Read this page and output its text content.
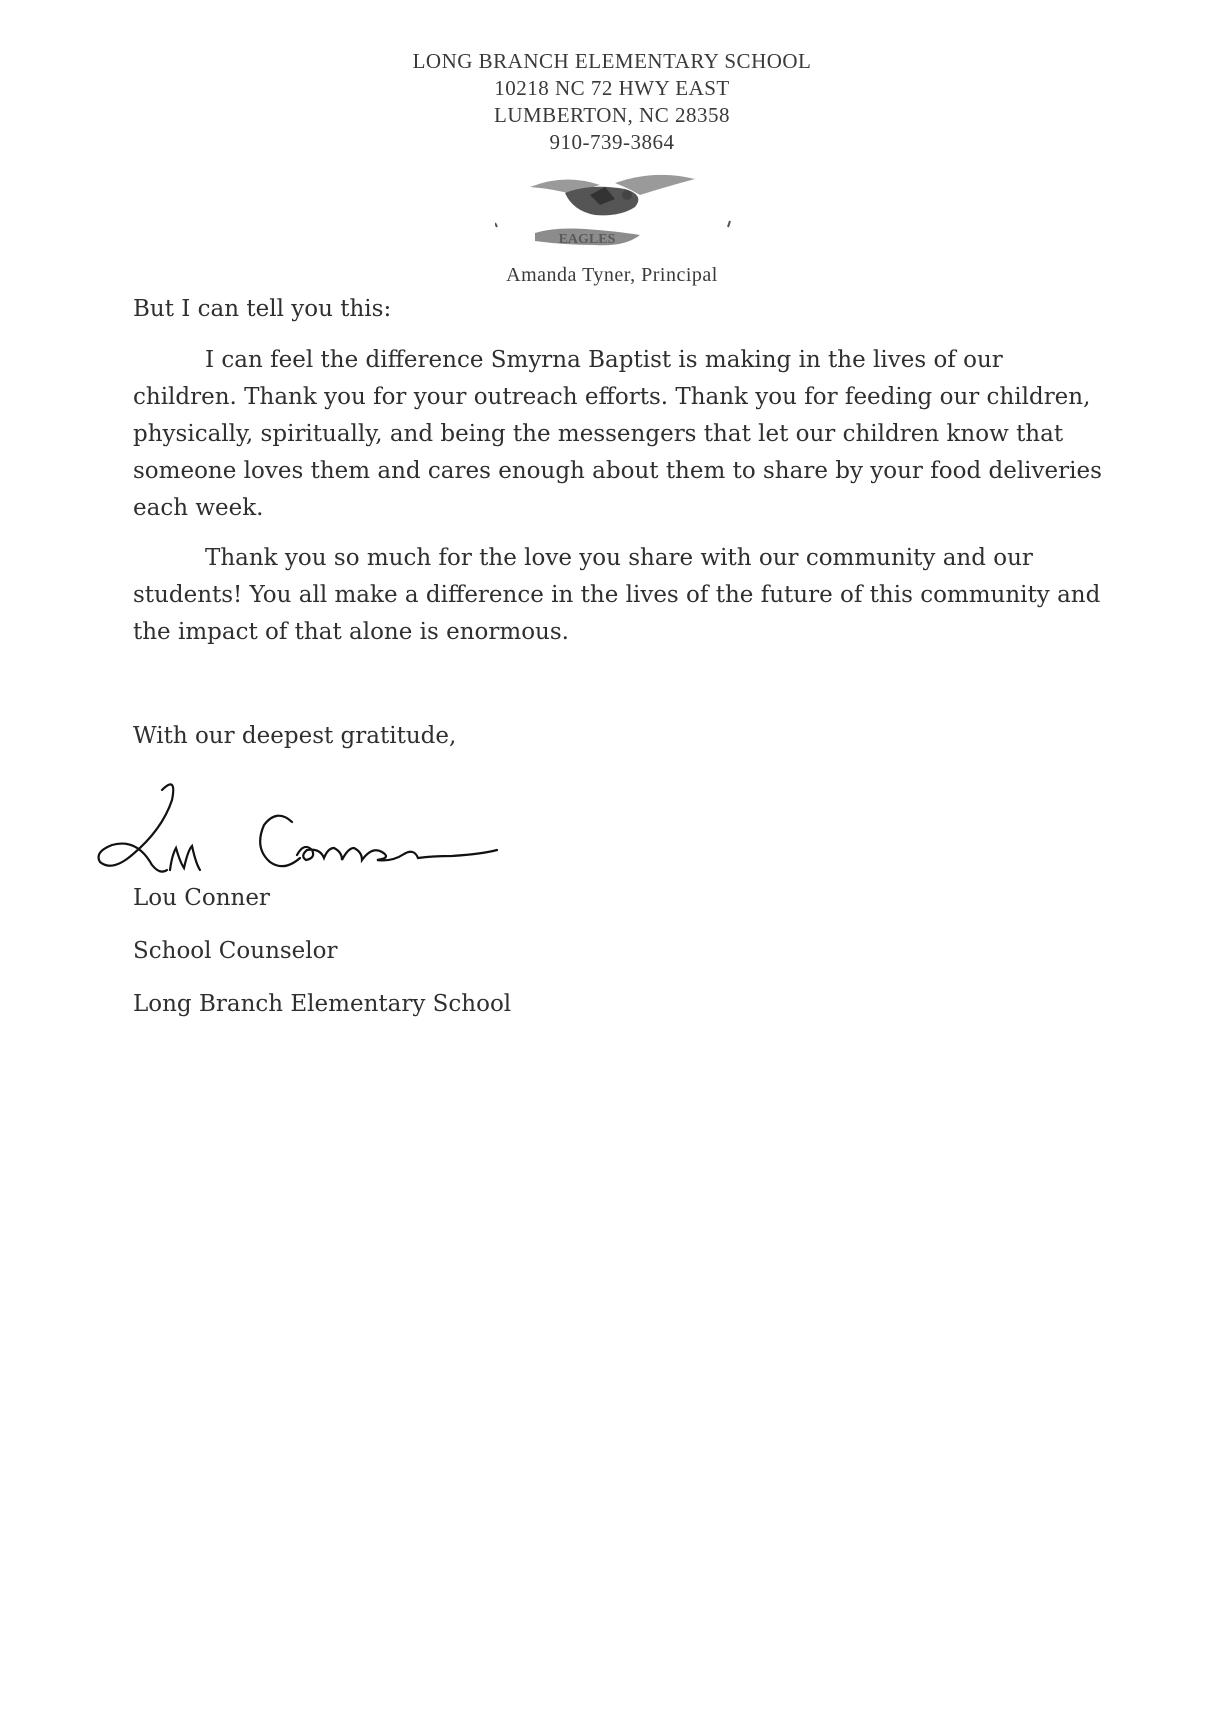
LONG BRANCH ELEMENTARY SCHOOL
10218 NC 72 HWY EAST
LUMBERTON, NC 28358
910-739-3864
EAGLES
Amanda Tyner, Principal
But I can tell you this:
I can feel the difference Smyrna Baptist is making in the lives of our children. Thank you for your outreach efforts. Thank you for feeding our children, physically, spiritually, and being the messengers that let our children know that someone loves them and cares enough about them to share by your food deliveries each week.
Thank you so much for the love you share with our community and our students! You all make a difference in the lives of the future of this community and the impact of that alone is enormous.
With our deepest gratitude,
Lou Conner
School Counselor
Long Branch Elementary School
